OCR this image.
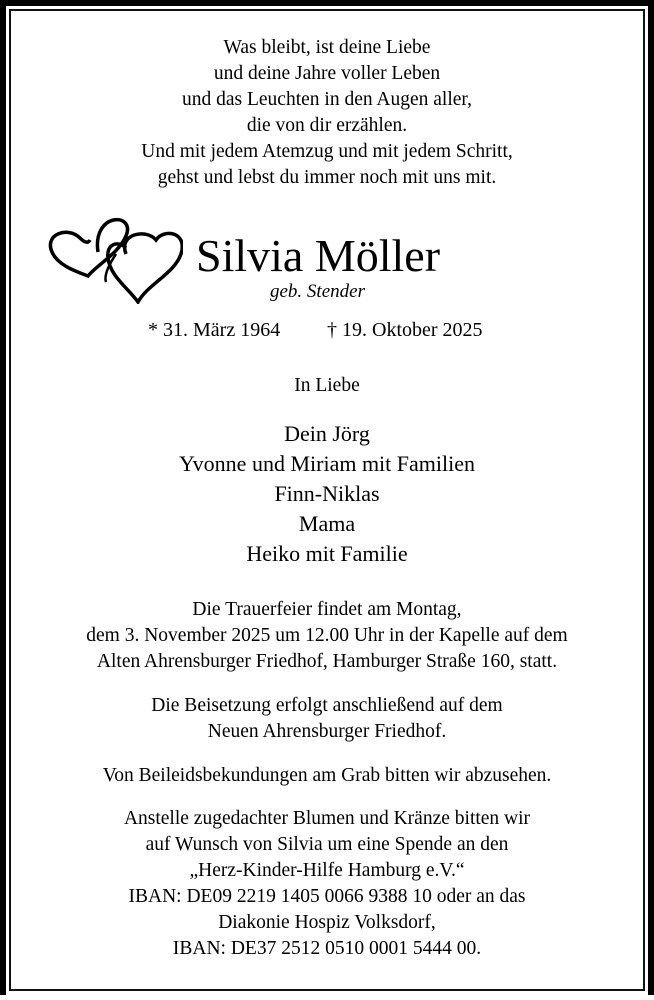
Was bleibt, ist deine Liebe
und deine Jahre voller Leben
und das Leuchten in den Augen aller,
die von dir erzählen.
Und mit jedem Atemzug und mit jedem Schritt,
gehst und lebst du immer noch mit uns mit.
Silvia Möller
geb. Stender
* 31. März 1964 † 19. Oktober 2025
In Liebe
Dein Jörg
Yvonne und Miriam mit Familien
Finn-Niklas
Mama
Heiko mit Familie
Die Trauerfeier findet am Montag,
dem 3. November 2025 um 12.00 Uhr in der Kapelle auf dem
Alten Ahrensburger Friedhof, Hamburger Straße 160, statt.
Die Beisetzung erfolgt anschließend auf dem
Neuen Ahrensburger Friedhof.
Von Beileidsbekundungen am Grab bitten wir abzusehen.
Anstelle zugedachter Blumen und Kränze bitten wir
auf Wunsch von Silvia um eine Spende an den
„Herz-Kinder-Hilfe Hamburg e.V.“
IBAN: DE09 2219 1405 0066 9388 10 oder an das
Diakonie Hospiz Volksdorf,
IBAN: DE37 2512 0510 0001 5444 00.
